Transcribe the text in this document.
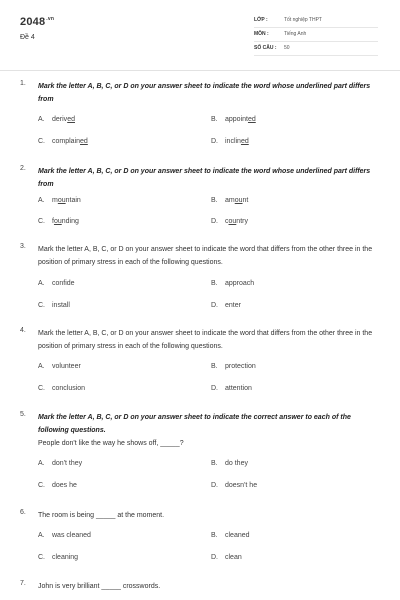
$2048^{.vn}$
Đề 4
LỚP :	Tốt nghiệp THPT
MÔN :	Tiếng Anh
SỐ CÂU : 50
1. Mark the letter A, B, C, or D on your answer sheet to indicate the word whose underlined part differs from
A. derived	B. appointed
C. complained	D. inclined
2. Mark the letter A, B, C, or D on your answer sheet to indicate the word whose underlined part differs from
A. mountain	B. amount
C. founding	D. country
3. Mark the letter A, B, C, or D on your answer sheet to indicate the word that differs from the other three in the position of primary stress in each of the following questions.
A. confide	B. approach
C. install	D. enter
4. Mark the letter A, B, C, or D on your answer sheet to indicate the word that differs from the other three in the position of primary stress in each of the following questions.
A. volunteer	B. protection
C. conclusion	D. attention
5. Mark the letter A, B, C, or D on your answer sheet to indicate the correct answer to each of the following questions.
People don't like the way he shows off, _____?
A. don't they	B. do they
C. does he	D. doesn't he
6. The room is being _____ at the moment.
A. was cleaned	B. cleaned
C. cleaning	D. clean
7. John is very brilliant _____ crosswords.
